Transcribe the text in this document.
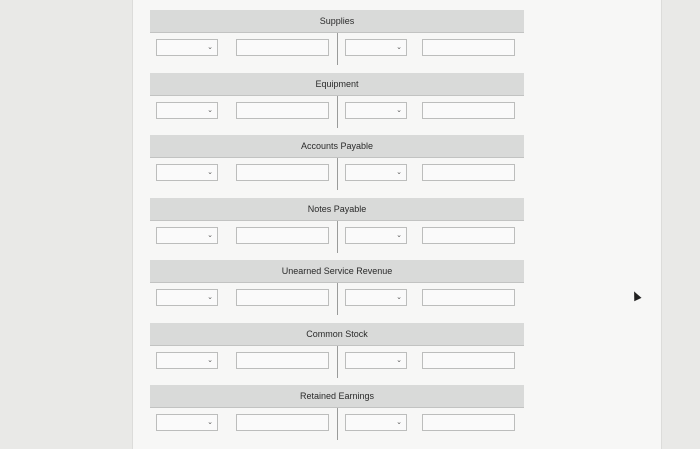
Supplies
⌄	⌄
Equipment
⌄	⌄
Accounts Payable
⌄	⌄
Notes Payable
⌄	⌄
Unearned Service Revenue
⌄	⌄
Common Stock
⌄	⌄
Retained Earnings
⌄	⌄
